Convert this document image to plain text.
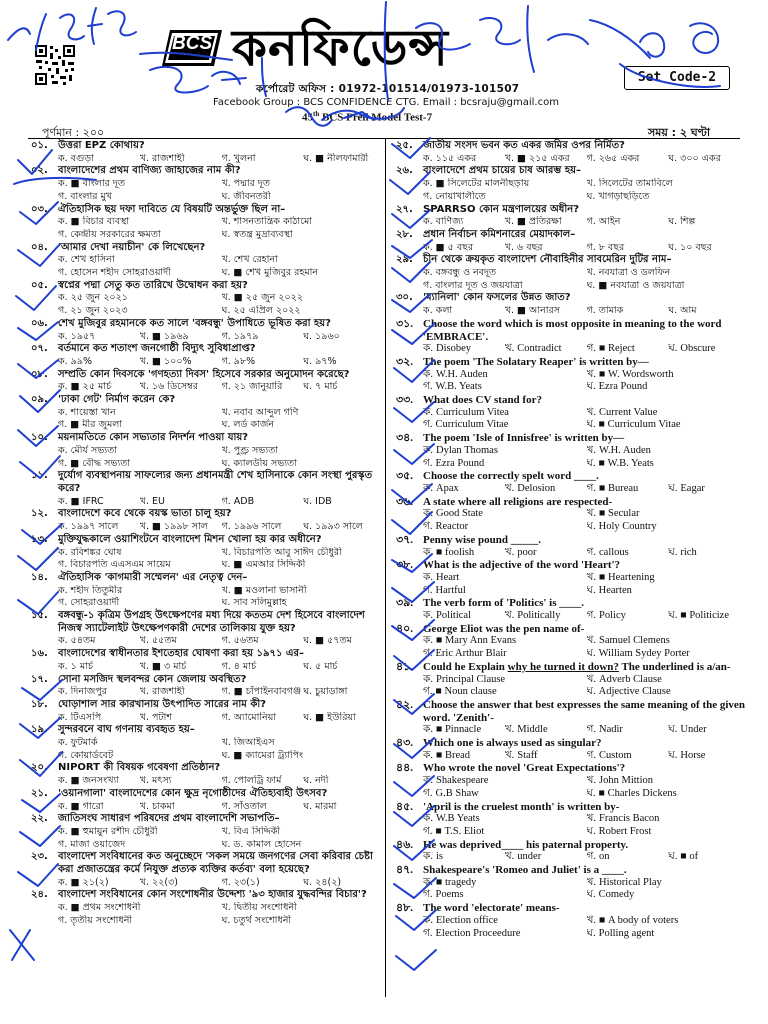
BCS কনফিডেন্স
Set Code-2
কর্পোরেট অফিস : 01972-101514/01973-101507
Facebook Group : BCS CONFIDENCE CTG. Email : bcsraju@gmail.com
45th BCS Preli Model Test-7
পূর্ণমান : ২০০	সময় : ২ ঘণ্টা
০১.	উত্তরা EPZ কোথায়?
ক. বগুড়া	খ. রাজশাহী	গ. খুলনা	ঘ. ■ নীলফামারী
০২.	বাংলাদেশের প্রথম বাণিজ্য জাহাজের নাম কী?
ক. ■ বাংলার দূত	খ. পদ্মার দূত
গ. বাংলার মুখ	ঘ. জীবনতরী
০৩.	ঐতিহাসিক ছয় দফা দাবিতে যে বিষয়টি অন্তর্ভুক্ত ছিল না–
ক. ■ বিচার ব্যবস্থা	খ. শাসনতান্ত্রিক কাঠামো
গ. কেন্দ্রীয় সরকারের ক্ষমতা	ঘ. স্বতন্ত্র মুদ্রাব্যবস্থা
০৪.	'আমার দেখা নয়াচীন' কে লিখেছেন?
ক. শেখ হাসিনা	খ. শেখ রেহানা
গ. হোসেন শহীদ সোহরাওয়ার্দী	ঘ. ■ শেখ মুজিবুর রহমান
০৫.	স্বপ্নের পদ্মা সেতু কত তারিখে উদ্বোধন করা হয়?
ক. ২৫ জুন ২০২১	খ. ■ ২৫ জুন ২০২২
গ. ২১ জুন ২০২৩	ঘ. ২৫ এপ্রিল ২০২২
০৬.	শেখ মুজিবুর রহমানকে কত সালে 'বঙ্গবন্ধু' উপাধিতে ভূষিত করা হয়?
ক. ১৯৫৭	খ. ■ ১৯৬৯	গ. ১৯৭৯	ঘ. ১৯৬০
০৭.	বর্তমানে কত শতাংশ জনগোষ্ঠী বিদ্যুৎ সুবিধাপ্রাপ্ত?
ক. ৯৯%	খ. ■ ১০০%	গ. ৯৮%	ঘ. ৯৭%
০৮.	সম্প্রতি কোন দিবসকে 'গণহত্যা দিবস' হিসেবে সরকার অনুমোদন করেছে?
ক. ■ ২৫ মার্চ	খ. ১৬ ডিসেম্বর	গ. ২১ জানুয়ারি	ঘ. ৭ মার্চ
০৯.	'ঢাকা গেট' নির্মাণ করেন কে?
ক. শায়েস্তা খান	খ. নবাব আব্দুল গণি
গ. ■ মীর জুমলা	ঘ. লর্ড কার্জন
১০.	ময়নামতিতে কোন সভ্যতার নিদর্শন পাওয়া যায়?
ক. মৌর্য সভ্যতা	খ. পুণ্ড্র সভ্যতা
গ. ■ বৌদ্ধ সভ্যতা	ঘ. ক্যালডীয় সভ্যতা
১১.	দুর্যোগ ব্যবস্থাপনায় সাফল্যের জন্য প্রধানমন্ত্রী শেখ হাসিনাকে কোন সংস্থা পুরস্কৃত করে?
ক. ■ IFRC	খ. EU	গ. ADB	ঘ. IDB
১২.	বাংলাদেশে কবে থেকে বয়স্ক ভাতা চালু হয়?
ক. ১৯৯৭ সালে	খ. ■ ১৯৯৮ সাল	গ. ১৯৯৬ সালে	ঘ. ১৯৯৩ সালে
১৩.	মুক্তিযুদ্ধকালে ওয়াশিংটনে বাংলাদেশ মিশন খোলা হয় কার অধীনে?
ক. রবিশঙ্কর ঘোষ	খ. বিচারপতি আবু সাঈদ চৌধুরী
গ. বিচারপতি এএসএম সায়েম	ঘ. ■ এমআর সিদ্দিকী
১৪.	ঐতিহাসিক 'কাগমারী সম্মেলন' এর নেতৃত্ব দেন–
ক. শহীদ তিতুমীর	খ. ■ মওলানা ভাসানী
গ. সোহরাওয়ার্দী	ঘ. সাব সলিমুল্লাহ
১৫.	বঙ্গবন্ধু-১ কৃত্রিম উপগ্রহ উৎক্ষেপণের মধ্য দিয়ে কততম দেশ হিসেবে বাংলাদেশ নিজস্ব স্যাটেলাইট উৎক্ষেপণকারী দেশের তালিকায় যুক্ত হয়?
ক. ৫৪তম	খ. ৫৫তম	গ. ৫৬তম	ঘ. ■ ৫৭তম
১৬.	বাংলাদেশের স্বাধীনতার ইশতেহার ঘোষণা করা হয় ১৯৭১ এর–
ক. ১ মার্চ	খ. ■ ৩ মার্চ	গ. ৪ মার্চ	ঘ. ৫ মার্চ
১৭.	সোনা মসজিদ স্থলবন্দর কোন জেলায় অবস্থিত?
ক. দিনাজপুর	খ. রাজশাহী	গ. ■ চাঁপাইনবাবগঞ্জ ঘ. চুয়াডাঙ্গা
১৮.	ঘোড়াশাল সার কারখানায় উৎপাদিত সারের নাম কী?
ক. টিএসপি	খ. পটাশ	গ. অ্যামোনিয়া	ঘ. ■ ইউরিয়া
১৯.	সুন্দরবনে বাঘ গণনায় ব্যবহৃত হয়–
ক. ফুটমার্ক	খ. জিআইএস
গ. কোয়ার্ডবেট	ঘ. ■ ক্যামেরা ট্র্যাপিং
২০.	NIPORT কী বিষয়ক গবেষণা প্রতিষ্ঠান?
ক. ■ জনসংখ্যা	খ. মৎস্য	গ. পোলট্রি ফার্ম	ঘ. নদী
২১.	'ওয়ানগালা' বাংলাদেশের কোন ক্ষুদ্র নৃগোষ্ঠীদের ঐতিহ্যবাহী উৎসব?
ক. ■ গারো	খ. চাকমা	গ. সাঁওতাল	ঘ. মারমা
২২.	জাতিসংঘ সাধারণ পরিষদের প্রথম বাংলাদেশি সভাপতি–
ক. ■ হুমায়ুন রশীদ চৌধুরী	খ. বিএ সিদ্দিকী
গ. মাজা ওয়াজেদ	ঘ. ড. কামাল হোসেন
২৩.	বাংলাদেশ সংবিধানের কত অনুচ্ছেদে 'সকল সময়ে জনগণের সেবা করিবার চেষ্টা করা প্রজাতন্ত্রের কর্মে নিযুক্ত প্রত্যক ব্যক্তির কর্তব্য' বলা হয়েছে?
ক. ■ ২১(২)	খ. ২২(৩)	গ. ২৩(১)	ঘ. ২৪(২)
২৪.	বাংলাদেশ সংবিধানের কোন সংশোধনীর উদ্দেশ্য '৯৩ হাজার যুদ্ধবন্দির বিচার'?
ক. ■ প্রথম সংশোধনী	খ. দ্বিতীয় সংশোধনী
গ. তৃতীয় সংশোধনী	ঘ. চতুর্থ সংশোধনী
২৫.	জাতীয় সংসদ ভবন কত একর জমির ওপর নির্মিত?
ক. ১১৫ একর	খ. ■ ২১৫ একর	গ. ২৬৫ একর	ঘ. ৩০০ একর
২৬.	বাংলাদেশে প্রথম চায়ের চাষ আরম্ভ হয়–
ক. ■ সিলেটের মালনীছড়ায়	খ. সিলেটের তামাবিলে
গ. নোয়াখালীতে	ঘ. খাগড়াছড়িতে
২৭.	SPARRSO কোন মন্ত্রণালয়ের অধীন?
ক. বাণিজ্য	খ. ■ প্রতিরক্ষা	গ. আইন	ঘ. শিল্প
২৮.	প্রধান নির্বাচন কমিশনারের মেয়াদকাল–
ক. ■ ৫ বছর	খ. ৬ বছর	গ. ৮ বছর	ঘ. ১০ বছর
২৯.	চীন থেকে ক্রয়কৃত বাংলাদেশ নৌবাহিনীর সাবমেরিন দুটির নাম–
ক. বঙ্গবন্ধু ও নবদূত	খ. নবযাত্রা ও ডলফিন
গ. বাংলার দূত ও জয়যাত্রা	ঘ. ■ নবযাত্রা ও জয়যাত্রা
৩০.	'ম্যানিলা' কোন ফসলের উন্নত জাত?
ক. কলা	খ. ■ আনারস	গ. তামাক	ঘ. আম
৩১. Choose the word which is most opposite in meaning to the word 'EMBRACE'.
ক. Disobey	খ. Contradict	গ. ■ Reject	ঘ. Obscure
৩২. The poem 'The Solatary Reaper' is written by—
ক. W.H. Auden	খ. ■ W. Wordsworth
গ. W.B. Yeats	ঘ. Ezra Pound
৩৩. What does CV stand for?
ক. Curriculum Vitea	খ. Current Value
গ. Curriculum Vitae	ঘ. ■ Curriculum Vitae
৩৪. The poem 'Isle of Innisfree' is written by—
ক. Dylan Thomas	খ. W.H. Auden
গ. Ezra Pound	ঘ. ■ W.B. Yeats
৩৫. Choose the correctly spelt word ____.
ক. Apax	খ. Delosion	গ. ■ Bureau	ঘ. Eagar
৩৬. A state where all religions are respected-
ক. Good State	খ. ■ Secular
গ. Reactor	ঘ. Holy Country
৩৭. Penny wise pound _____.
ক. ■ foolish	খ. poor	গ. callous	ঘ. rich
৩৮. What is the adjective of the word 'Heart'?
ক. Heart	খ. ■ Heartening
গ. Hartful	ঘ. Hearten
৩৯. The verb form of 'Politics' is ____.
ক. Political	খ. Politically	গ. Policy	ঘ. ■ Politicize
৪০. George Eliot was the pen name of-
ক. ■ Mary Ann Evans	খ. Samuel Clemens
গ. Eric Arthur Blair	ঘ. William Sydey Porter
৪১. Could he Explain why he turned it down? The underlined is a/an-
ক. Principal Clause	খ. Adverb Clause
গ. ■ Noun clause	ঘ. Adjective Clause
৪২. Choose the answer that best expresses the same meaning of the given word. 'Zenith'-
ক. ■ Pinnacle	খ. Middle	গ. Nadir	ঘ. Under
৪৩. Which one is always used as singular?
ক. ■ Bread	খ. Staff	গ. Custom	ঘ. Horse
৪৪. Who wrote the novel 'Great Expectations'?
ক. Shakespeare	খ. John Mittion
গ. G.B Shaw	ঘ. ■ Charles Dickens
৪৫. 'April is the cruelest month' is written by-
ক. W.B Yeats	খ. Francis Bacon
গ. ■ T.S. Eliot	ঘ. Robert Frost
৪৬. He was deprived____ his paternal property.
ক. is	খ. under	গ. on	ঘ. ■ of
৪৭. Shakespeare's 'Romeo and Juliet' is a ____.
ক. ■ tragedy	খ. Historical Play
গ. Poems	ঘ. Comedy
৪৮. The word 'electorate' means-
ক. Election office	খ. ■ A body of voters
গ. Election Proceedure	ঘ. Polling agent
